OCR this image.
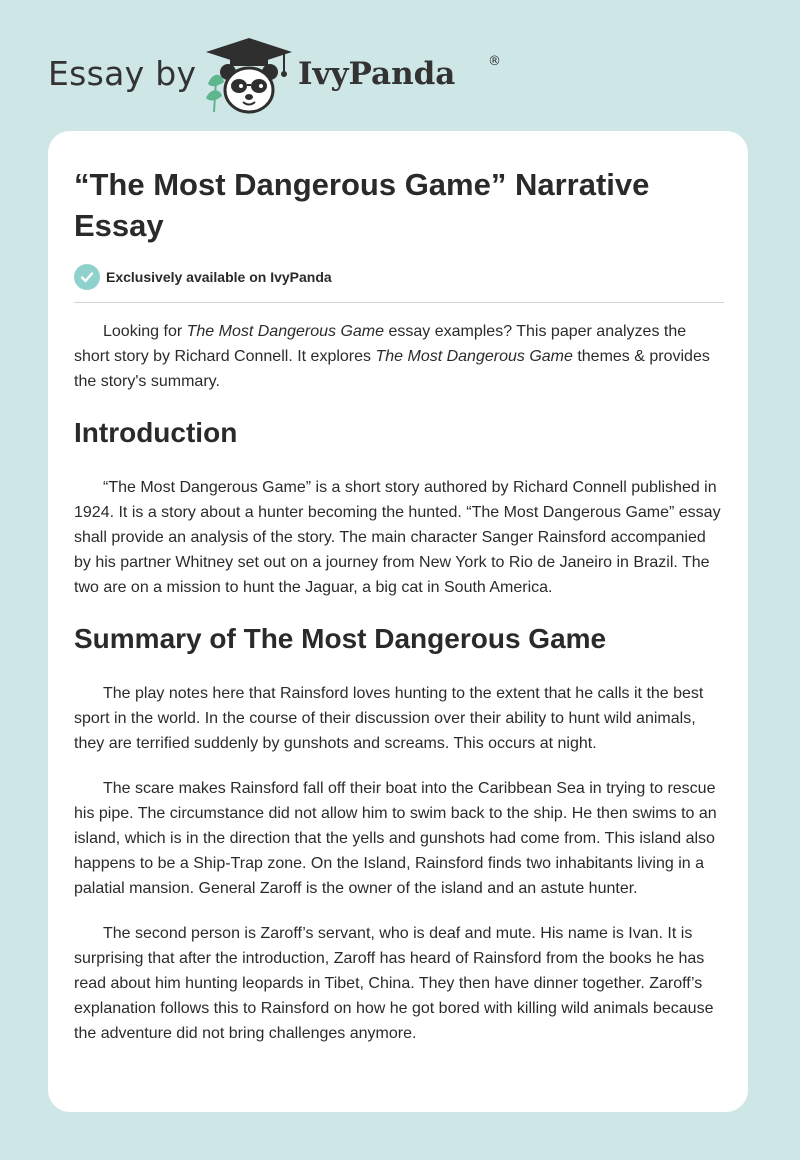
Essay by	IvyPanda	®
“The Most Dangerous Game” Narrative Essay
Exclusively available on IvyPanda

Looking for The Most Dangerous Game essay examples? This paper analyzes the short story by Richard Connell. It explores The Most Dangerous Game themes & provides the story's summary.

Introduction

“The Most Dangerous Game” is a short story authored by Richard Connell published in 1924. It is a story about a hunter becoming the hunted. “The Most Dangerous Game” essay shall provide an analysis of the story. The main character Sanger Rainsford accompanied by his partner Whitney set out on a journey from New York to Rio de Janeiro in Brazil. The two are on a mission to hunt the Jaguar, a big cat in South America.

Summary of The Most Dangerous Game

The play notes here that Rainsford loves hunting to the extent that he calls it the best sport in the world. In the course of their discussion over their ability to hunt wild animals, they are terrified suddenly by gunshots and screams. This occurs at night.

The scare makes Rainsford fall off their boat into the Caribbean Sea in trying to rescue his pipe. The circumstance did not allow him to swim back to the ship. He then swims to an island, which is in the direction that the yells and gunshots had come from. This island also happens to be a Ship-Trap zone. On the Island, Rainsford finds two inhabitants living in a palatial mansion. General Zaroff is the owner of the island and an astute hunter.

The second person is Zaroff’s servant, who is deaf and mute. His name is Ivan. It is surprising that after the introduction, Zaroff has heard of Rainsford from the books he has read about him hunting leopards in Tibet, China. They then have dinner together. Zaroff’s explanation follows this to Rainsford on how he got bored with killing wild animals because the adventure did not bring challenges anymore.
